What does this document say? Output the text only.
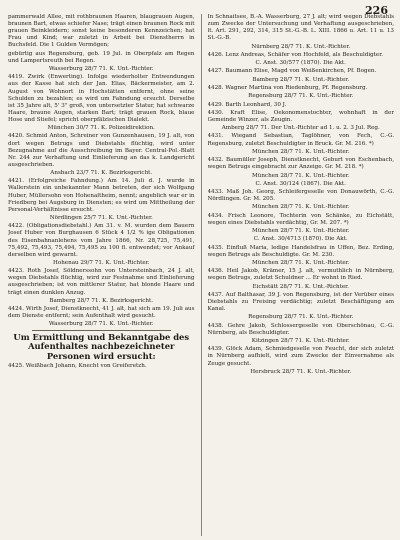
226

pammerwald Allee, mit rothbraunen Haaren, blaugrauen Augen, braunen Bart, etwas schiefer Nase; trägt einen braunen Rock mit grauen Beinkleidern; sonst keine besonderen Kennzeichen; hat Frau und Kind; war zuletzt in Arbeit bei Dienstherrn in Buchsfeld. Die 1 Gulden Vermögen;

gebürtig aus Regensburg, geb. 19 Jul. in Oberpfalz am Regen und Lampertsreuth bei Regen.

Wasserburg 28/7 71. K. Unt.-Richter.

4419. Zwirk (Enwerting). Infolge wiederholter Entwendungen aus der Kasse hat sich der Jan. Elias, Bäckermeister, am 2. August von Wohnort in Hochstätten entfernt, ohne seine Schulden zu bezahlen; es wird um Fahndung ersucht. Derselbe ist 35 Jahre alt, 5' 3" groß, von untersetzter Statur, hat schwarze Haare, braune Augen, starken Bart; trägt grauen Rock, blaue Hose und Stiefel; spricht oberpfälzischen Dialekt.

München 30/7 71. K. Polizeidirektion.

4420. Schmid Anton, Schreiner von Gunzenhausen, 19 J. alt, von dort wegen Betrugs und Diebstahls flüchtig, wird unter Bezugnahme auf die Ausschreibung im Bayer. Central-Pol.-Blatt Nr. 244 zur Verhaftung und Einlieferung an das k. Landgericht ausgeschrieben.

Ansbach 23/7 71. K. Bezirksgericht.

4421. (Erfolgreiche Fahndung.) Am 14. Juli d. J. wurde in Wallerstein ein unbekannter Mann betreten, der sich Wolfgang Huber, Müllersohn von Hohenaltheim, nennt; angeblich war er in Friedberg bei Augsburg in Diensten; es wird um Mittheilung der Personal-Verhältnisse ersucht.

Nördlingen 25/7 71. K. Unt.-Richter.

4422. (Obligationsdiebstahl.) Am 31. v. M. wurden dem Bauern Josef Huber von Burghausen 6 Stück 4 1/2 % ige Obligationen des Eisenbahnanlehens vom Jahre 1866, Nr. 28,725, 75,491, 75,492, 75,493, 75,494, 75,495 zu 100 fl. entwendet; vor Ankauf derselben wird gewarnt.

Hohenau 29/7 71. K. Unt.-Richter.

4423. Roth Josef, Söldnerssohn von Untersteinbach, 24 J. alt, wegen Diebstahls flüchtig, wird zur Festnahme und Einlieferung ausgeschrieben; ist von mittlerer Statur, hat blonde Haare und trägt einen dunklen Anzug.

Bamberg 28/7 71. K. Bezirksgericht.

4424. Wirth Josef, Dienstknecht, 41 J. alt, hat sich am 19. Juli aus dem Dienste entfernt; sein Aufenthalt wird gesucht.

Wasserburg 28/7 71. K. Unt.-Richter.

Um Ermittlung und Bekanntgabe des Aufenthaltes nachbezeichneter Personen wird ersucht:

4425. Weißbach Johann, Knecht von Greiferetzh.

In Schnaitsee, B.-A. Wasserburg, 27 J. alt; wird wegen Diebstahls zum Zwecke der Untersuchung und Verhaftung ausgeschrieben, lt. Art. 291, 292, 314, 315 St.-G.-B. L. XIII. 1866 u. Art. 11 u. 13 St.-G.-B.

Nürnberg 28/7 71. K. Unt.-Richter.

4426. Lenz Andreas, Schäfer von Hochfeld, als Beschuldigter.

C. Anst. 30/577 (1870). Die Akt.

4427. Baumann Elise, Magd von Weißenkirchen, Pf. Bogen.

Bamberg 28/7 71. K. Unt.-Richter.

4428. Wagner Martina von Riedenburg, Pf. Regensburg.

Regensburg 28/7 71. K. Unt.-Richter.

4429. Barth Leonhard, 30 J.

4430. Kraft Elise, Oekonomenstochter, wohnhaft in der Gemeinde Winzer, als Zeugin.

Amberg 28/7 71. Der Unt.-Richter ad 1. u. 2. 3 Jul. Reg.

4431. Wiegand Sebastian, Taglöhner, von Fech, C.-G. Regensburg, zuletzt Beschuldigter in Bruck. Gr. M. 216. *)

München 28/7 71. K. Unt.-Richter.

4432. Baumüller Joseph, Dienstknecht, Geburt von Eschenbach, wegen Betrugs eingebracht zur Anzeige. Gr. M. 218. *)

München 28/7 71. K. Unt.-Richter.

C. Anst. 30/124 (1867). Die Akt.

4433. Maß Joh. Georg, Schleifergeselle von Donauwörth, C.-G. Nördlingen. Gr. M. 205.

München 28/7 71. K. Unt.-Richter.

4434. Frisch Leonore, Tochterin von Schänke, zu Eichstätt, wegen eines Diebstahls verdächtig, Gr. M. 207. *)

München 28/7 71. K. Unt.-Richter.

C. Anst. 30/4713 (1870). Die Akt.

4435. Einfluß Maria, ledige Handelsfrau in Uffen, Bez. Erding, wegen Betrugs als Beschuldigte. Gr. M. 230.

München 28/7 71. K. Unt.-Richter.

4436. Heil Jakob, Krämer, 15 J. alt, vermuthlich in Nürnberg, wegen Betrugs, zuletzt Schuldner ... Er wohnt in Ried.

Eichstätt 28/7 71. K. Unt.-Richter.

4437. Auf Balthasar, 39 J. von Regensburg, ist der Verüber eines Diebstahls zu Freising verdächtig; zuletzt Beschäftigung am Kanal.

Regensburg 28/7 71. K. Unt.-Richter.

4438. Gehre Jakob, Schlossergeselle von Oberschönau, C.-G. Nürnberg, als Beschuldigter.

Kitzingen 28/7 71. K. Unt.-Richter.

4439. Glöck Adam, Schmiedgeselle von Feucht, der sich zuletzt in Nürnberg aufhielt, wird zum Zwecke der Einvernahme als Zeuge gesucht.

Hersbruck 28/7 71. K. Unt.-Richter.
